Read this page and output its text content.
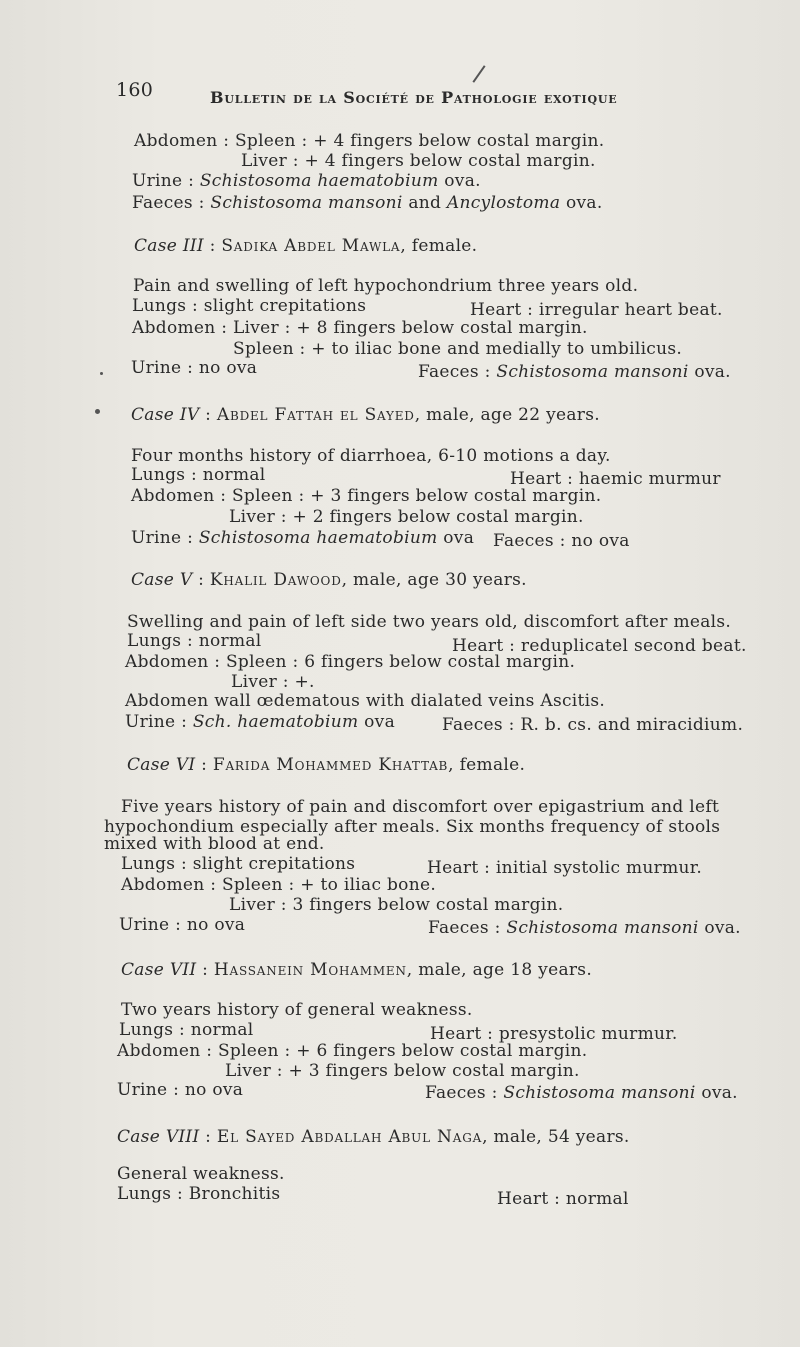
160	Bulletin de la Société de Pathologie exotique
Abdomen : Spleen : + 4 fingers below costal margin.
Liver : + 4 fingers below costal margin.
Urine : Schistosoma haematobium ova.
Faeces : Schistosoma mansoni and Ancylostoma ova.
Case III : Sadika Abdel Mawla, female.
Pain and swelling of left hypochondrium three years old.
Lungs : slight crepitations	Heart : irregular heart beat.
Abdomen : Liver : + 8 fingers below costal margin.
Spleen : + to iliac bone and medially to umbilicus.
Urine : no ova	Faeces : Schistosoma mansoni ova.
Case IV : Abdel Fattah el Sayed, male, age 22 years.
Four months history of diarrhoea, 6-10 motions a day.
Lungs : normal	Heart : haemic murmur
Abdomen : Spleen : + 3 fingers below costal margin.
Liver : + 2 fingers below costal margin.
Urine : Schistosoma haematobium ova Faeces : no ova
Case V : Khalil Dawood, male, age 30 years.
Swelling and pain of left side two years old, discomfort after meals.
Lungs : normal	Heart : reduplicatel second beat.
Abdomen : Spleen : 6 fingers below costal margin.
Liver : +.
Abdomen wall œdematous with dialated veins Ascitis.
Urine : Sch. haematobium ova	Faeces : R. b. cs. and miracidium.
Case VI : Farida Mohammed Khattab, female.
Five years history of pain and discomfort over epigastrium and left
hypochondium especially after meals. Six months frequency of stools
mixed with blood at end.
Lungs : slight crepitations	Heart : initial systolic murmur.
Abdomen : Spleen : + to iliac bone.
Liver : 3 fingers below costal margin.
Urine : no ova	Faeces : Schistosoma mansoni ova.
Case VII : Hassanein Mohammen, male, age 18 years.
Two years history of general weakness.
Lungs : normal	Heart : presystolic murmur.
Abdomen : Spleen : + 6 fingers below costal margin.
Liver : + 3 fingers below costal margin.
Urine : no ova	Faeces : Schistosoma mansoni ova.
Case VIII : El Sayed Abdallah Abul Naga, male, 54 years.
General weakness.
Lungs : Bronchitis	Heart : normal
